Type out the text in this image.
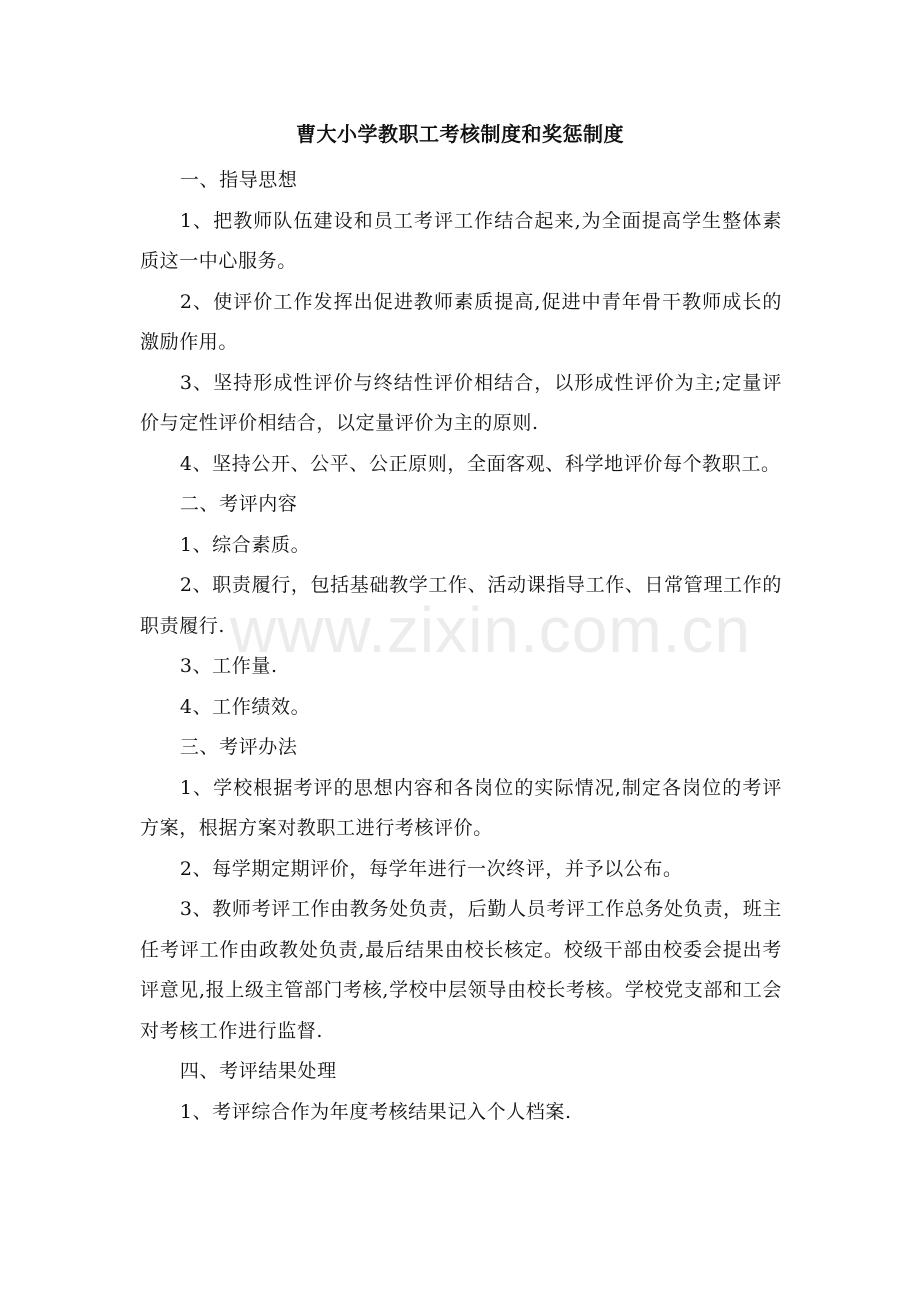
曹大小学教职工考核制度和奖惩制度

一、指导思想

1、把教师队伍建设和员工考评工作结合起来,为全面提高学生整体素质这一中心服务。

2、使评价工作发挥出促进教师素质提高,促进中青年骨干教师成长的激励作用。

3、坚持形成性评价与终结性评价相结合，以形成性评价为主;定量评价与定性评价相结合，以定量评价为主的原则.

4、坚持公开、公平、公正原则，全面客观、科学地评价每个教职工。

二、考评内容

1、综合素质。

2、职责履行，包括基础教学工作、活动课指导工作、日常管理工作的职责履行.

3、工作量.

4、工作绩效。

三、考评办法

1、学校根据考评的思想内容和各岗位的实际情况,制定各岗位的考评方案，根据方案对教职工进行考核评价。

2、每学期定期评价，每学年进行一次终评，并予以公布。

3、教师考评工作由教务处负责，后勤人员考评工作总务处负责，班主任考评工作由政教处负责,最后结果由校长核定。校级干部由校委会提出考评意见,报上级主管部门考核,学校中层领导由校长考核。学校党支部和工会对考核工作进行监督.

四、考评结果处理

1、考评综合作为年度考核结果记入个人档案.

www.zixin.com.cn
